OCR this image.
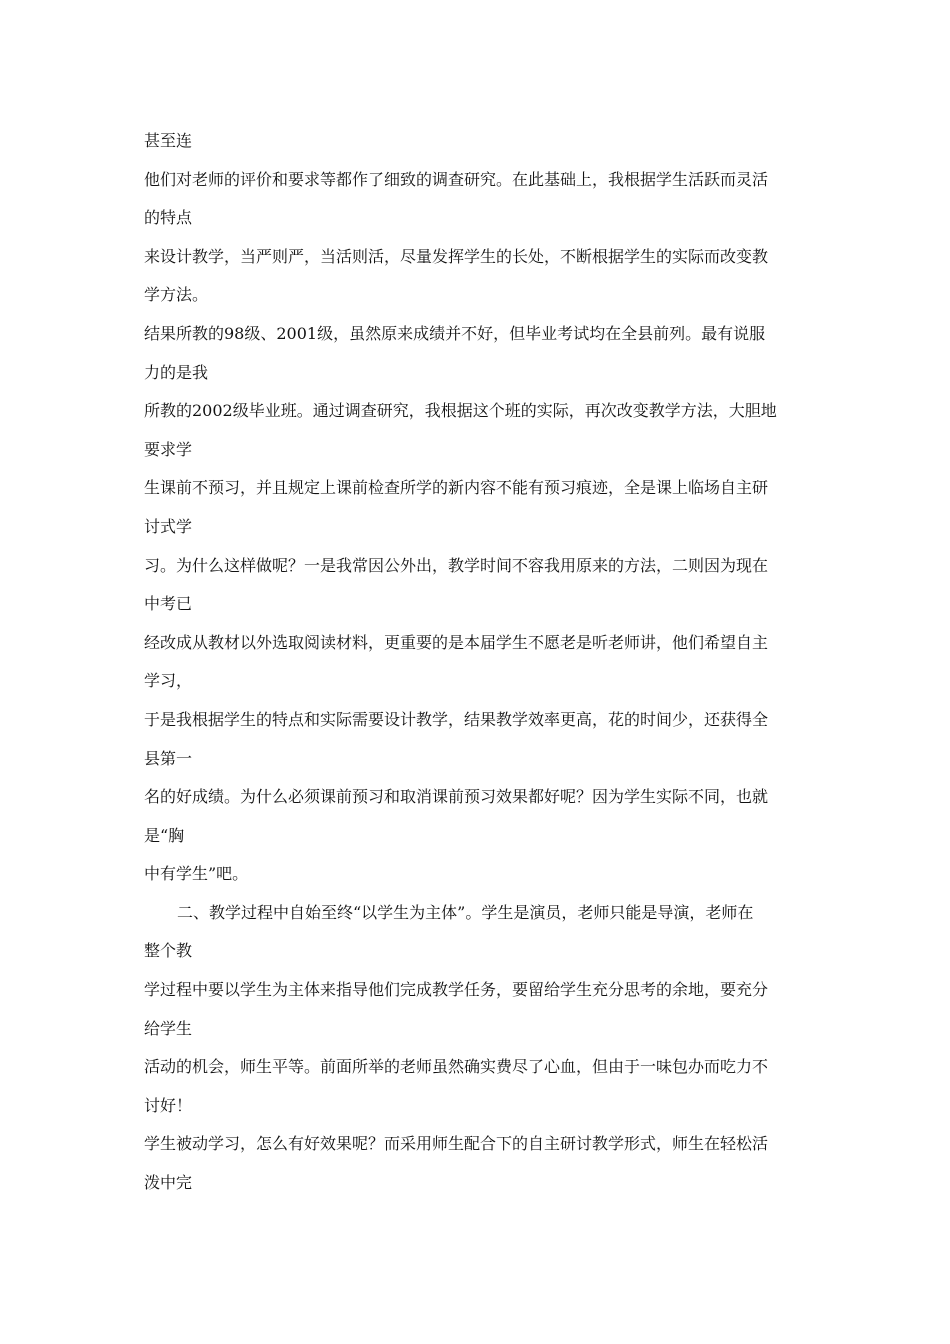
甚至连
他们对老师的评价和要求等都作了细致的调查研究。在此基础上，我根据学生活跃而灵活
的特点
来设计教学，当严则严，当活则活，尽量发挥学生的长处，不断根据学生的实际而改变教
学方法。
结果所教的98级、2001级，虽然原来成绩并不好，但毕业考试均在全县前列。最有说服
力的是我
所教的2002级毕业班。通过调查研究，我根据这个班的实际，再次改变教学方法，大胆地
要求学
生课前不预习，并且规定上课前检查所学的新内容不能有预习痕迹，全是课上临场自主研
讨式学
习。为什么这样做呢？一是我常因公外出，教学时间不容我用原来的方法，二则因为现在
中考已
经改成从教材以外选取阅读材料，更重要的是本届学生不愿老是听老师讲，他们希望自主
学习，
于是我根据学生的特点和实际需要设计教学，结果教学效率更高，花的时间少，还获得全
县第一
名的好成绩。为什么必须课前预习和取消课前预习效果都好呢？因为学生实际不同，也就
是“胸
中有学生”吧。
二、教学过程中自始至终“以学生为主体”。学生是演员，老师只能是导演，老师在
整个教
学过程中要以学生为主体来指导他们完成教学任务，要留给学生充分思考的余地，要充分
给学生
活动的机会，师生平等。前面所举的老师虽然确实费尽了心血，但由于一味包办而吃力不
讨好！
学生被动学习，怎么有好效果呢？而采用师生配合下的自主研讨教学形式，师生在轻松活
泼中完
